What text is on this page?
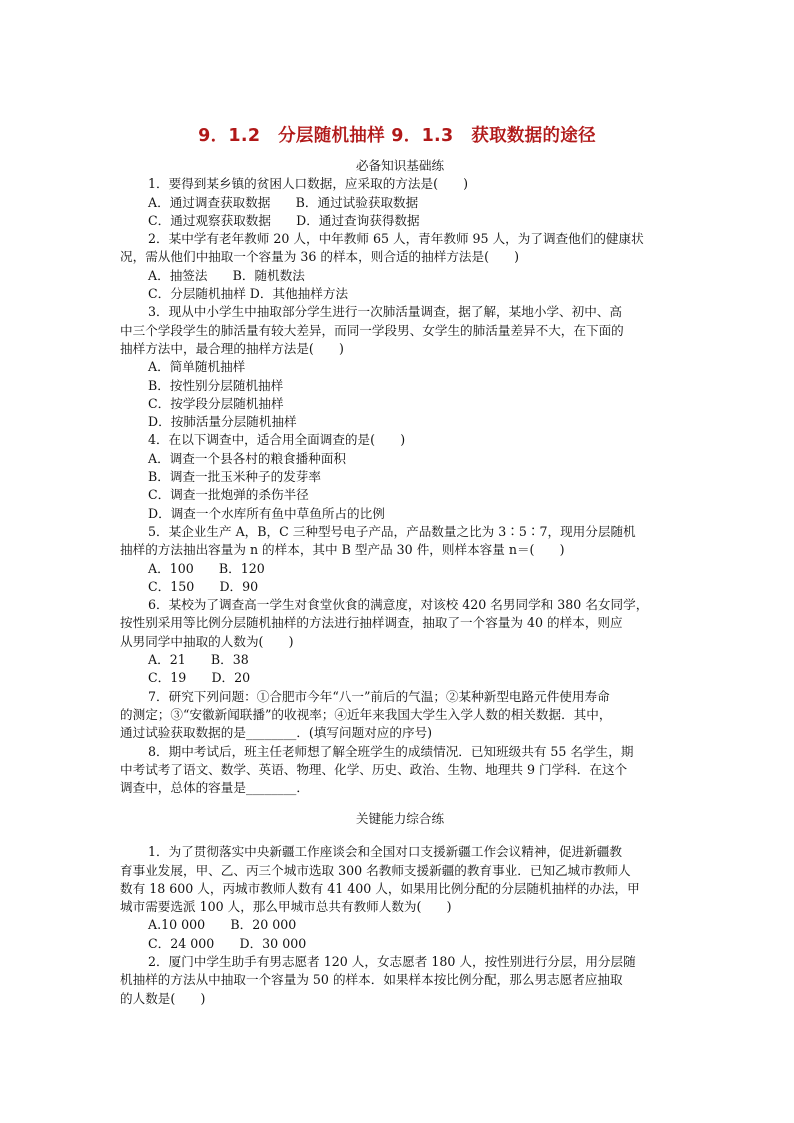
9．1.2　分层随机抽样 9．1.3　获取数据的途径
必备知识基础练
1．要得到某乡镇的贫困人口数据，应采取的方法是(　　)
A．通过调查获取数据　　B．通过试验获取数据
C．通过观察获取数据　　D．通过查询获得数据
2．某中学有老年教师 20 人，中年教师 65 人，青年教师 95 人，为了调查他们的健康状
况，需从他们中抽取一个容量为 36 的样本，则合适的抽样方法是(　　)
A．抽签法　　B．随机数法
C．分层随机抽样 D．其他抽样方法
3．现从中小学生中抽取部分学生进行一次肺活量调查，据了解，某地小学、初中、高
中三个学段学生的肺活量有较大差异，而同一学段男、女学生的肺活量差异不大，在下面的
抽样方法中，最合理的抽样方法是(　　)
A．简单随机抽样
B．按性别分层随机抽样
C．按学段分层随机抽样
D．按肺活量分层随机抽样
4．在以下调查中，适合用全面调查的是(　　)
A．调查一个县各村的粮食播种面积
B．调查一批玉米种子的发芽率
C．调查一批炮弹的杀伤半径
D．调查一个水库所有鱼中草鱼所占的比例
5．某企业生产 A，B，C 三种型号电子产品，产品数量之比为 3∶5∶7，现用分层随机
抽样的方法抽出容量为 n 的样本，其中 B 型产品 30 件，则样本容量 n＝(　　)
A．100　　B．120
C．150　　D．90
6．某校为了调查高一学生对食堂伙食的满意度，对该校 420 名男同学和 380 名女同学，
按性别采用等比例分层随机抽样的方法进行抽样调查，抽取了一个容量为 40 的样本，则应
从男同学中抽取的人数为(　　)
A．21　　B．38
C．19　　D．20
7．研究下列问题：①合肥市今年“八一”前后的气温；②某种新型电路元件使用寿命
的测定；③“安徽新闻联播”的收视率；④近年来我国大学生入学人数的相关数据．其中，
通过试验获取数据的是________．(填写问题对应的序号)
8．期中考试后，班主任老师想了解全班学生的成绩情况．已知班级共有 55 名学生，期
中考试考了语文、数学、英语、物理、化学、历史、政治、生物、地理共 9 门学科．在这个
调查中，总体的容量是________．
关键能力综合练
1．为了贯彻落实中央新疆工作座谈会和全国对口支援新疆工作会议精神，促进新疆教
育事业发展，甲、乙、丙三个城市选取 300 名教师支援新疆的教育事业．已知乙城市教师人
数有 18 600 人，丙城市教师人数有 41 400 人，如果用比例分配的分层随机抽样的办法，甲
城市需要选派 100 人，那么甲城市总共有教师人数为(　　)
A.10 000　　B．20 000
C．24 000　　D．30 000
2．厦门中学生助手有男志愿者 120 人，女志愿者 180 人，按性别进行分层，用分层随
机抽样的方法从中抽取一个容量为 50 的样本．如果样本按比例分配，那么男志愿者应抽取
的人数是(　　)
